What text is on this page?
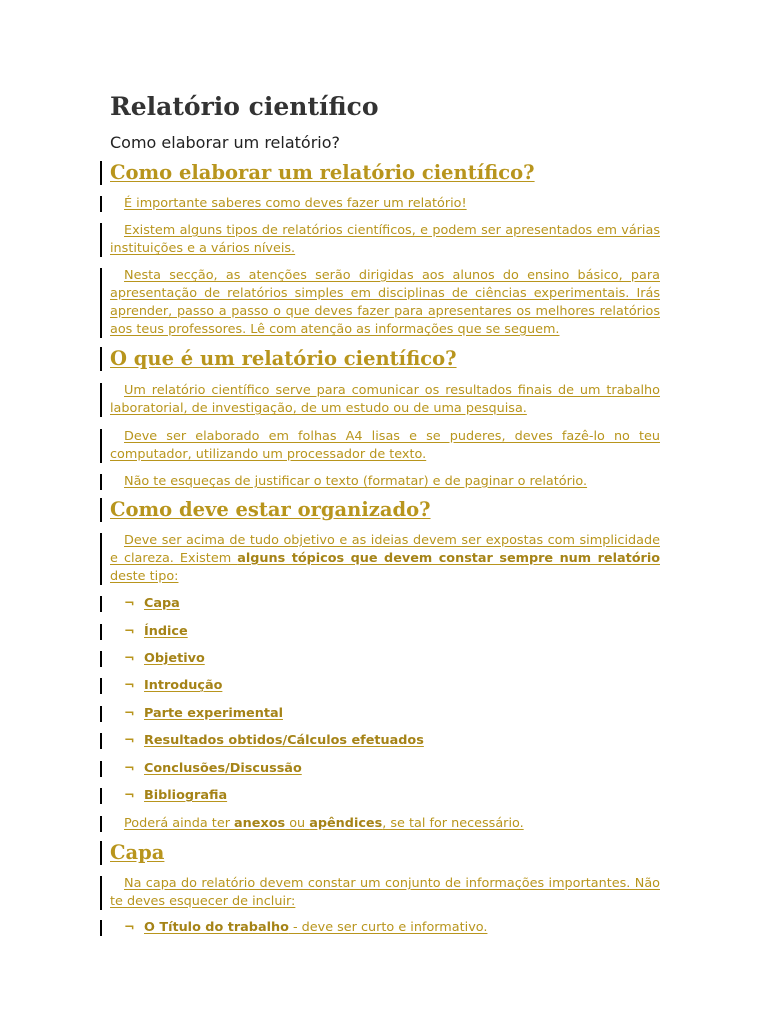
Relatório científico
Como elaborar um relatório?
Como elaborar um relatório científico?

É importante saberes como deves fazer um relatório!

Existem alguns tipos de relatórios científicos, e podem ser apresentados em várias instituições e a vários níveis.

Nesta secção, as atenções serão dirigidas aos alunos do ensino básico, para apresentação de relatórios simples em disciplinas de ciências experimentais. Irás aprender, passo a passo o que deves fazer para apresentares os melhores relatórios aos teus professores. Lê com atenção as informações que se seguem.

O que é um relatório científico?

Um relatório científico serve para comunicar os resultados finais de um trabalho laboratorial, de investigação, de um estudo ou de uma pesquisa.

Deve ser elaborado em folhas A4 lisas e se puderes, deves fazê-lo no teu computador, utilizando um processador de texto.

Não te esqueças de justificar o texto (formatar) e de paginar o relatório.

Como deve estar organizado?

Deve ser acima de tudo objetivo e as ideias devem ser expostas com simplicidade e clareza. Existem alguns tópicos que devem constar sempre num relatório deste tipo:

¬ Capa

¬ Índice

¬ Objetivo

¬ Introdução

¬ Parte experimental

¬ Resultados obtidos/Cálculos efetuados

¬ Conclusões/Discussão

¬ Bibliografia

Poderá ainda ter anexos ou apêndices, se tal for necessário.

Capa

Na capa do relatório devem constar um conjunto de informações importantes. Não te deves esquecer de incluir:

¬ O Título do trabalho - deve ser curto e informativo.
